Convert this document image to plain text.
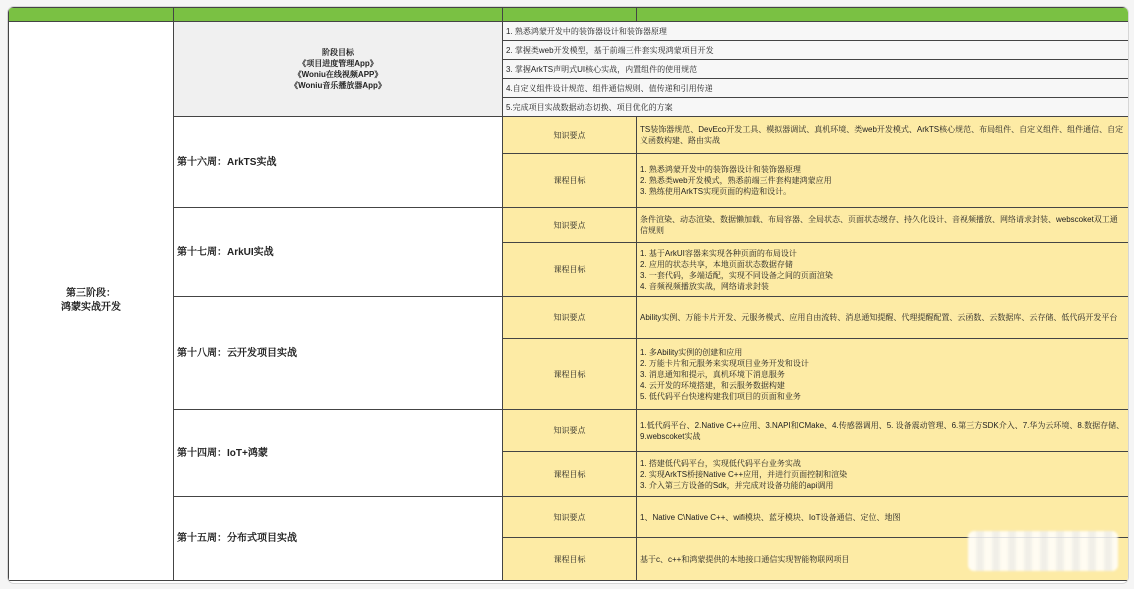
第三阶段：
鸿蒙实战开发	阶段目标
《项目进度管理App》
《Woniu在线视频APP》
《Woniu音乐播放器App》	1. 熟悉鸿蒙开发中的装饰器设计和装饰器原理	
		2. 掌握类web开发模型，基于前端三件套实现鸿蒙项目开发	
		3. 掌握ArkTS声明式UI核心实战，内置组件的使用规范	
		4.自定义组件设计规范、组件通信规则、值传递和引用传递	
		5.完成项目实战数据动态切换、项目优化的方案	
	第十六周：ArkTS实战	知识要点	TS装饰器规范、DevEco开发工具、模拟器调试、真机环境、类web开发模式、ArkTS核心规范、布局组件、自定义组件、组件通信、自定义函数构建、路由实战

		课程目标	1. 熟悉鸿蒙开发中的装饰器设计和装饰器原理
2. 熟悉类web开发模式，熟悉前端三件套构建鸿蒙应用
3. 熟练使用ArkTS实现页面的构造和设计。

	第十七周：ArkUI实战	知识要点	条件渲染、动态渲染、数据懒加载、布局容器、全局状态、页面状态缓存、持久化设计、音视频播放、网络请求封装、webscoket双工通信规则

		课程目标	1. 基于ArkUI容器来实现各种页面的布局设计
2. 应用的状态共享，本地页面状态数据存储
3. 一套代码，多端适配，实现不同设备之间的页面渲染
4. 音频视频播放实战，网络请求封装

	第十八周：云开发项目实战	知识要点	Ability实例、万能卡片开发、元服务模式、应用自由流转、消息通知提醒、代理提醒配置、云函数、云数据库、云存储、低代码开发平台

		课程目标	1. 多Ability实例的创建和应用
2. 万能卡片和元服务来实现项目业务开发和设计
3. 消息通知和提示，真机环境下消息服务
4. 云开发的环境搭建，和云服务数据构建
5. 低代码平台快速构建我们项目的页面和业务

	第十四周：IoT+鸿蒙	知识要点	1.低代码平台、2.Native C++应用、3.NAPI和CMake、4.传感器调用、5. 设备震动管理、6.第三方SDK介入、7.华为云环境、8.数据存储、9.webscoket实战

		课程目标	1. 搭建低代码平台，实现低代码平台业务实战
2. 实现ArkTS桥接Native C++应用，并进行页面控制和渲染
3. 介入第三方设备的Sdk，并完成对设备功能的api调用

	第十五周：分布式项目实战	知识要点	1、Native C\Native C++、wifi模块、蓝牙模块、IoT设备通信、定位、地图

		课程目标	基于c、c++和鸿蒙提供的本地接口通信实现智能物联网项目
